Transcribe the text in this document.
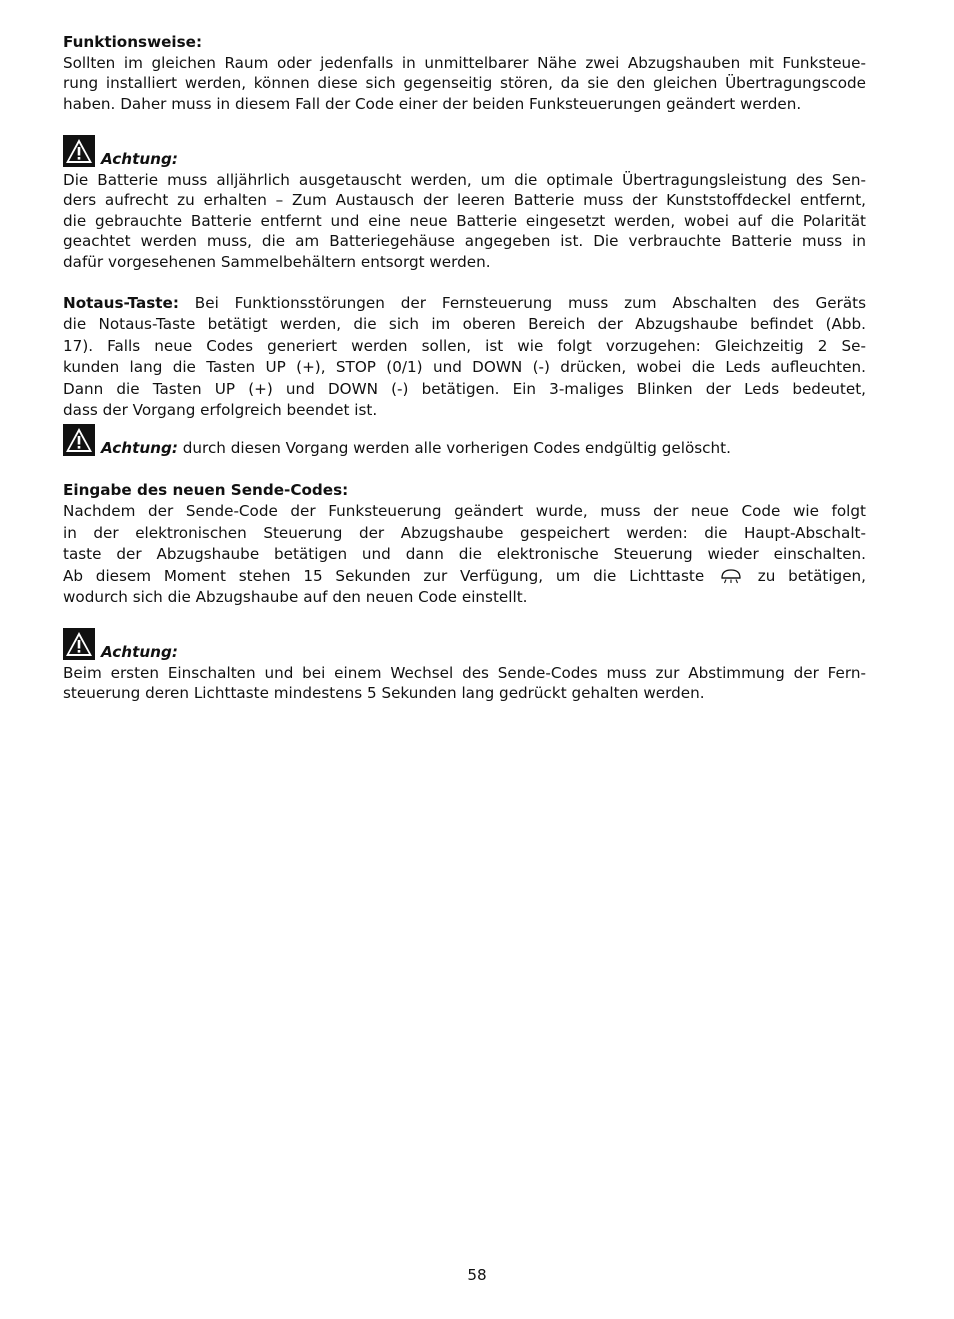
Funktionsweise:
Sollten im gleichen Raum oder jedenfalls in unmittelbarer Nähe zwei Abzugshauben mit Funksteue-
rung installiert werden, können diese sich gegenseitig stören, da sie den gleichen Übertragungscode
haben. Daher muss in diesem Fall der Code einer der beiden Funksteuerungen geändert werden.
Achtung:
Die Batterie muss alljährlich ausgetauscht werden, um die optimale Übertragungsleistung des Sen-
ders aufrecht zu erhalten – Zum Austausch der leeren Batterie muss der Kunststoffdeckel entfernt,
die gebrauchte Batterie entfernt und eine neue Batterie eingesetzt werden, wobei auf die Polarität
geachtet werden muss, die am Batteriegehäuse angegeben ist. Die verbrauchte Batterie muss in
dafür vorgesehenen Sammelbehältern entsorgt werden.
Notaus-Taste: Bei Funktionsstörungen der Fernsteuerung muss zum Abschalten des Geräts
die Notaus-Taste betätigt werden, die sich im oberen Bereich der Abzugshaube befindet (Abb.
17). Falls neue Codes generiert werden sollen, ist wie folgt vorzugehen: Gleichzeitig 2 Se-
kunden lang die Tasten UP (+), STOP (0/1) und DOWN (-) drücken, wobei die Leds aufleuchten.
Dann die Tasten UP (+) und DOWN (-) betätigen. Ein 3-maliges Blinken der Leds bedeutet,
dass der Vorgang erfolgreich beendet ist.
Achtung: durch diesen Vorgang werden alle vorherigen Codes endgültig gelöscht.
Eingabe des neuen Sende-Codes:
Nachdem der Sende-Code der Funksteuerung geändert wurde, muss der neue Code wie folgt
in der elektronischen Steuerung der Abzugshaube gespeichert werden: die Haupt-Abschalt-
taste der Abzugshaube betätigen und dann die elektronische Steuerung wieder einschalten.
Ab diesem Moment stehen 15 Sekunden zur Verfügung, um die Lichttaste	zu betätigen,
wodurch sich die Abzugshaube auf den neuen Code einstellt.
Achtung:
Beim ersten Einschalten und bei einem Wechsel des Sende-Codes muss zur Abstimmung der Fern-
steuerung deren Lichttaste mindestens 5 Sekunden lang gedrückt gehalten werden.
58
